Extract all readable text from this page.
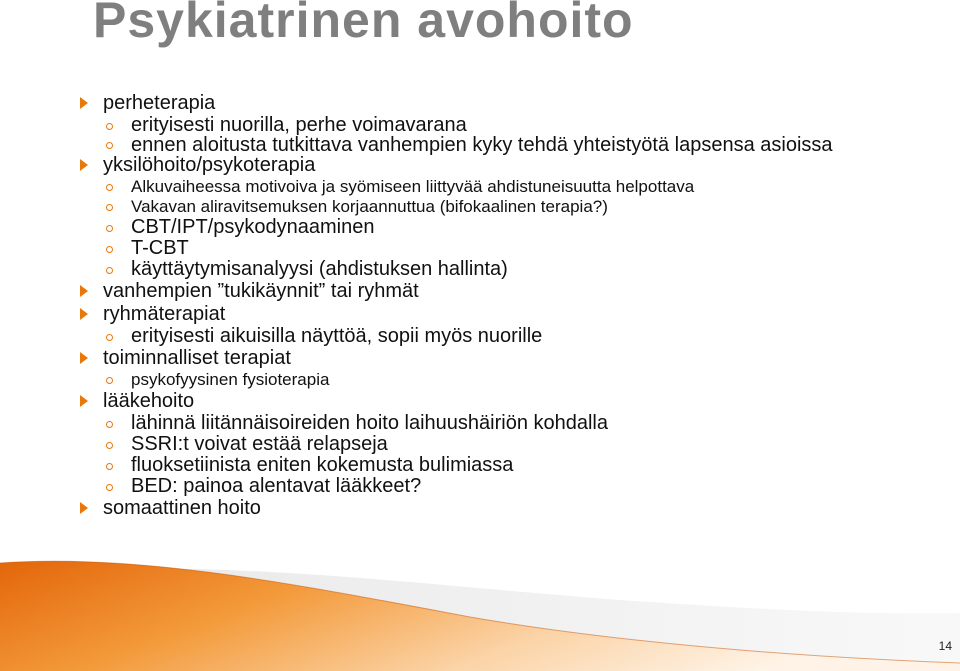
Psykiatrinen avohoito
perheterapia
erityisesti nuorilla, perhe voimavarana
ennen aloitusta tutkittava vanhempien kyky tehdä yhteistyötä lapsensa asioissa
yksilöhoito/psykoterapia
Alkuvaiheessa motivoiva ja syömiseen liittyvää ahdistuneisuutta helpottava
Vakavan aliravitsemuksen korjaannuttua (bifokaalinen terapia?)
CBT/IPT/psykodynaaminen
T-CBT
käyttäytymisanalyysi (ahdistuksen hallinta)
vanhempien ”tukikäynnit” tai ryhmät
ryhmäterapiat
erityisesti aikuisilla näyttöä, sopii myös nuorille
toiminnalliset terapiat
psykofyysinen fysioterapia
lääkehoito
lähinnä liitännäisoireiden hoito laihuushäiriön kohdalla
SSRI:t voivat estää relapseja
fluoksetiinista eniten kokemusta bulimiassa
BED: painoa alentavat lääkkeet?
somaattinen hoito
14
